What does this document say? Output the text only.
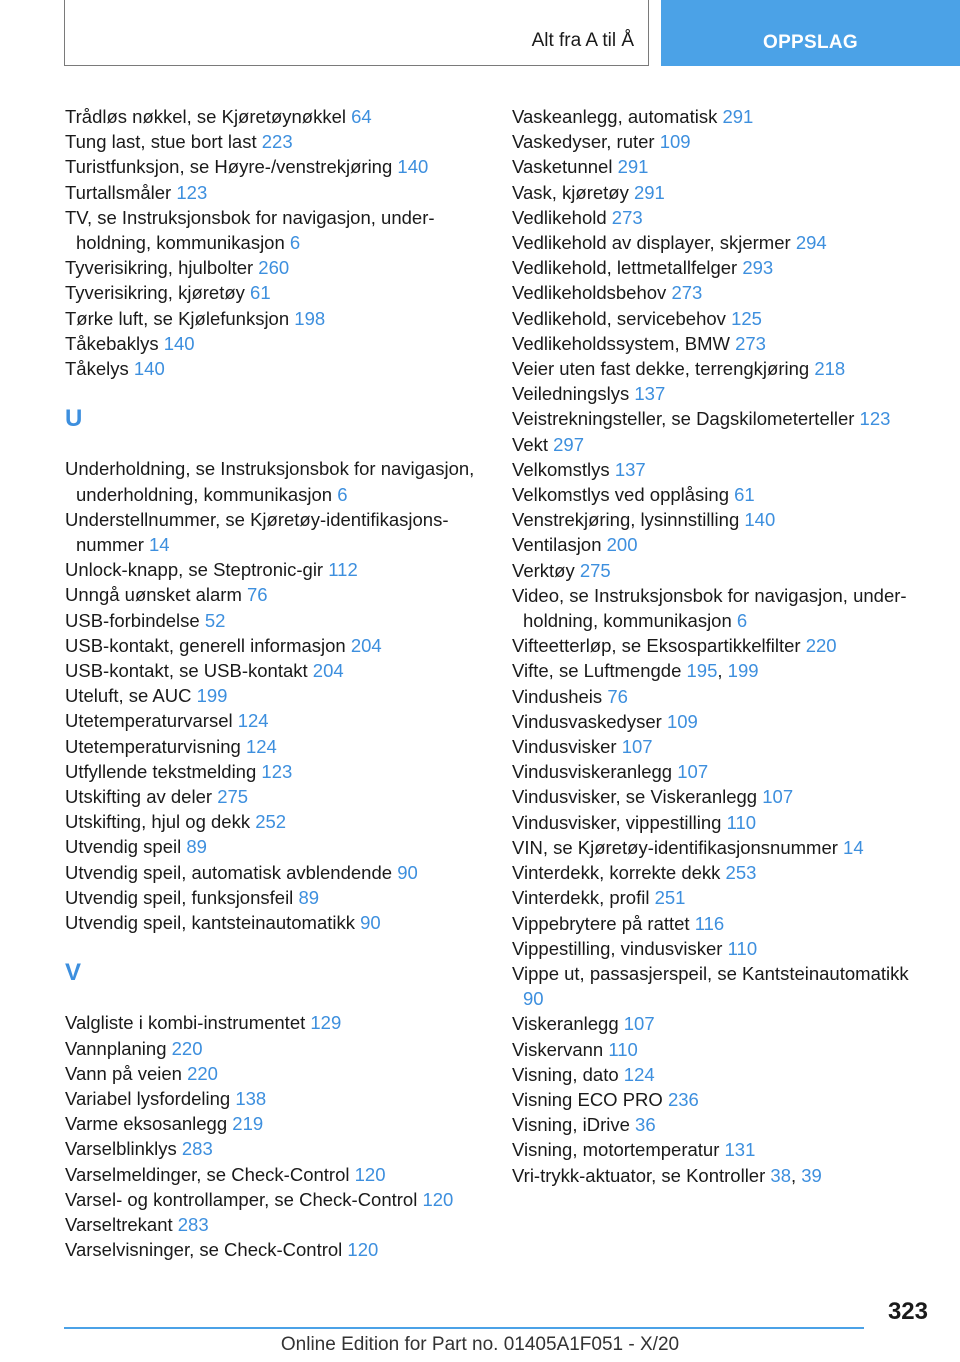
Alt fra A til Å	OPPSLAG
Trådløs nøkkel, se Kjøretøynøkkel 64
Tung last, stue bort last 223
Turistfunksjon, se Høyre-/venstrekjøring 140
Turtallsmåler 123
TV, se Instruksjonsbok for navigasjon, underholdning, kommunikasjon 6
Tyverisikring, hjulbolter 260
Tyverisikring, kjøretøy 61
Tørke luft, se Kjølefunksjon 198
Tåkebaklys 140
Tåkelys 140
U
Underholdning, se Instruksjonsbok for navigasjon, underholdning, kommunikasjon 6
Understellnummer, se Kjøretøy-identifikasjonsnummer 14
Unlock-knapp, se Steptronic-gir 112
Unngå uønsket alarm 76
USB-forbindelse 52
USB-kontakt, generell informasjon 204
USB-kontakt, se USB-kontakt 204
Uteluft, se AUC 199
Utetemperaturvarsel 124
Utetemperaturvisning 124
Utfyllende tekstmelding 123
Utskifting av deler 275
Utskifting, hjul og dekk 252
Utvendig speil 89
Utvendig speil, automatisk avblendende 90
Utvendig speil, funksjonsfeil 89
Utvendig speil, kantsteinautomatikk 90
V
Valgliste i kombi-instrumentet 129
Vannplaning 220
Vann på veien 220
Variabel lysfordeling 138
Varme eksosanlegg 219
Varselblinklys 283
Varselmeldinger, se Check-Control 120
Varsel- og kontrollamper, se Check-Control 120
Varseltrekant 283
Varselvisninger, se Check-Control 120
Vaskeanlegg, automatisk 291
Vaskedyser, ruter 109
Vasketunnel 291
Vask, kjøretøy 291
Vedlikehold 273
Vedlikehold av displayer, skjermer 294
Vedlikehold, lettmetallfelger 293
Vedlikeholdsbehov 273
Vedlikehold, servicebehov 125
Vedlikeholdssystem, BMW 273
Veier uten fast dekke, terrengkjøring 218
Veiledningslys 137
Veistrekningsteller, se Dagskilometerteller 123
Vekt 297
Velkomstlys 137
Velkomstlys ved opplåsing 61
Venstrekjøring, lysinnstilling 140
Ventilasjon 200
Verktøy 275
Video, se Instruksjonsbok for navigasjon, underholdning, kommunikasjon 6
Vifteetterløp, se Eksospartikkelfilter 220
Vifte, se Luftmengde 195, 199
Vindusheis 76
Vindusvaskedyser 109
Vindusvisker 107
Vindusviskeranlegg 107
Vindusvisker, se Viskeranlegg 107
Vindusvisker, vippestilling 110
VIN, se Kjøretøy-identifikasjonsnummer 14
Vinterdekk, korrekte dekk 253
Vinterdekk, profil 251
Vippebrytere på rattet 116
Vippestilling, vindusvisker 110
Vippe ut, passasjerspeil, se Kantsteinautomatikk 90
Viskeranlegg 107
Viskervann 110
Visning, dato 124
Visning ECO PRO 236
Visning, iDrive 36
Visning, motortemperatur 131
Vri-trykk-aktuator, se Kontroller 38, 39
carmanualsonline.info
323
Online Edition for Part no. 01405A1F051 - X/20
